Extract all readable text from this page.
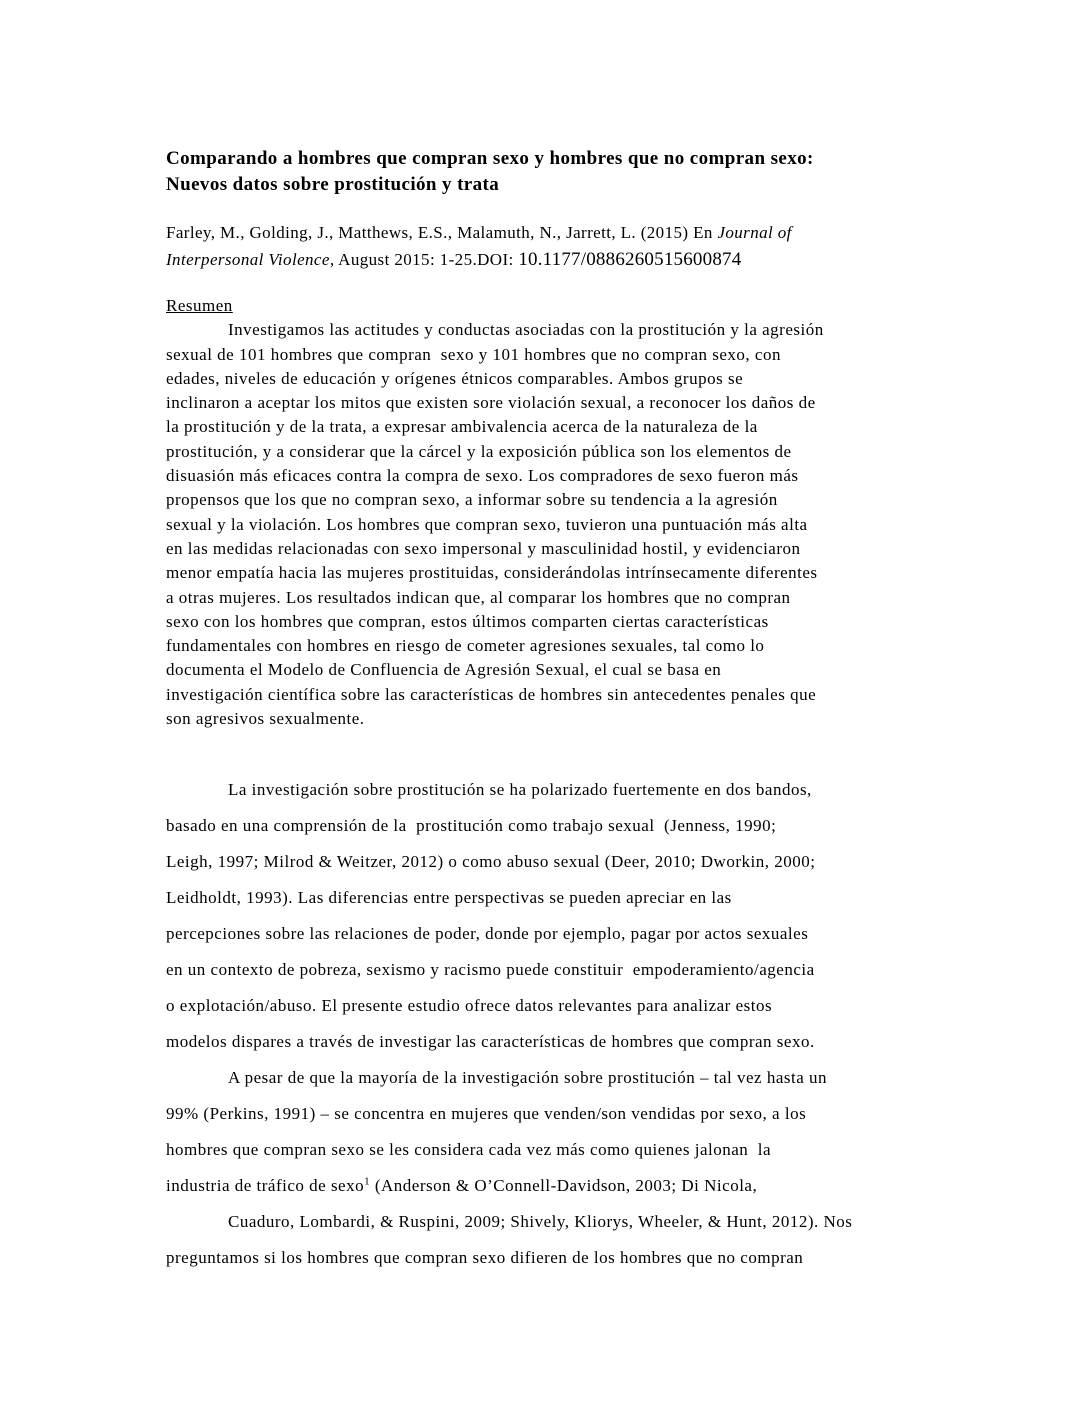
Comparando a hombres que compran sexo y hombres que no compran sexo:
Nuevos datos sobre prostitución y trata
Farley, M., Golding, J., Matthews, E.S., Malamuth, N., Jarrett, L. (2015) En Journal of
Interpersonal Violence, August 2015: 1-25.DOI: 10.1177/0886260515600874
Resumen
Investigamos las actitudes y conductas asociadas con la prostitución y la agresión
sexual de 101 hombres que compran  sexo y 101 hombres que no compran sexo, con
edades, niveles de educación y orígenes étnicos comparables. Ambos grupos se
inclinaron a aceptar los mitos que existen sore violación sexual, a reconocer los daños de
la prostitución y de la trata, a expresar ambivalencia acerca de la naturaleza de la
prostitución, y a considerar que la cárcel y la exposición pública son los elementos de
disuasión más eficaces contra la compra de sexo. Los compradores de sexo fueron más
propensos que los que no compran sexo, a informar sobre su tendencia a la agresión
sexual y la violación. Los hombres que compran sexo, tuvieron una puntuación más alta
en las medidas relacionadas con sexo impersonal y masculinidad hostil, y evidenciaron
menor empatía hacia las mujeres prostituidas, considerándolas intrínsecamente diferentes
a otras mujeres. Los resultados indican que, al comparar los hombres que no compran
sexo con los hombres que compran, estos últimos comparten ciertas características
fundamentales con hombres en riesgo de cometer agresiones sexuales, tal como lo
documenta el Modelo de Confluencia de Agresión Sexual, el cual se basa en
investigación científica sobre las características de hombres sin antecedentes penales que
son agresivos sexualmente.
La investigación sobre prostitución se ha polarizado fuertemente en dos bandos,
basado en una comprensión de la  prostitución como trabajo sexual  (Jenness, 1990;
Leigh, 1997; Milrod & Weitzer, 2012) o como abuso sexual (Deer, 2010; Dworkin, 2000;
Leidholdt, 1993). Las diferencias entre perspectivas se pueden apreciar en las
percepciones sobre las relaciones de poder, donde por ejemplo, pagar por actos sexuales
en un contexto de pobreza, sexismo y racismo puede constituir  empoderamiento/agencia
o explotación/abuso. El presente estudio ofrece datos relevantes para analizar estos
modelos dispares a través de investigar las características de hombres que compran sexo.
A pesar de que la mayoría de la investigación sobre prostitución – tal vez hasta un
99% (Perkins, 1991) – se concentra en mujeres que venden/son vendidas por sexo, a los
hombres que compran sexo se les considera cada vez más como quienes jalonan  la
industria de tráfico de sexo$^1$ (Anderson & O’Connell-Davidson, 2003; Di Nicola,
Cuaduro, Lombardi, & Ruspini, 2009; Shively, Kliorys, Wheeler, & Hunt, 2012). Nos
preguntamos si los hombres que compran sexo difieren de los hombres que no compran
